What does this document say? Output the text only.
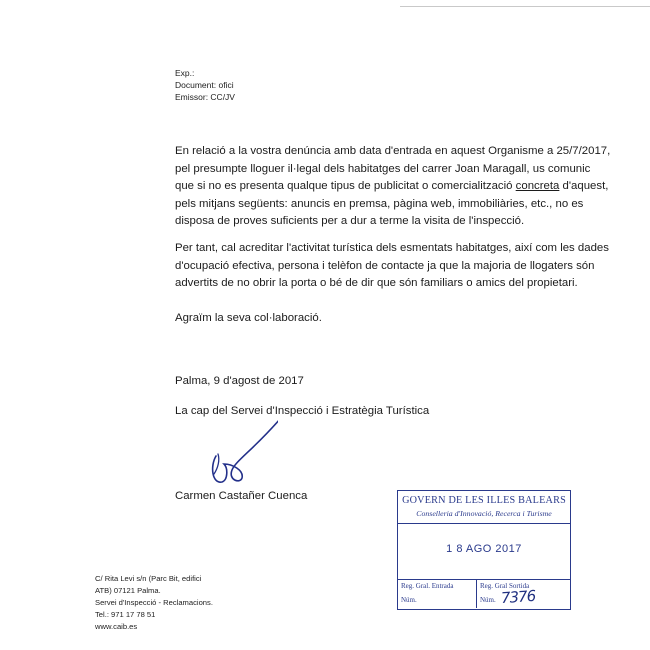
Exp.:
Document: ofici
Emissor: CC/JV
En relació a la vostra denúncia amb data d'entrada en aquest Organisme a 25/7/2017,
pel presumpte lloguer il·legal dels habitatges del carrer Joan Maragall, us comunic
que si no es presenta qualque tipus de publicitat o comercialització concreta d'aquest,
pels mitjans següents: anuncis en premsa, pàgina web, immobiliàries, etc., no es
disposa de proves suficients per a dur a terme la visita de l'inspecció.
Per tant, cal acreditar l'activitat turística dels esmentats habitatges, així com les dades
d'ocupació efectiva, persona i telèfon de contacte ja que la majoria de llogaters són
advertits de no obrir la porta o bé de dir que són familiars o amics del propietari.
Agraïm la seva col·laboració.
Palma, 9 d'agost de 2017
La cap del Servei d'Inspecció i Estratègia Turística
Carmen Castañer Cuenca
C/ Rita Levi s/n (Parc Bit, edifici
ATB) 07121 Palma.
Servei d'Inspecció - Reclamacions.
Tel.: 971 17 78 51
www.caib.es
GOVERN DE LES ILLES BALEARS
Conselleria d'Innovació, Recerca i Turisme
1 8 AGO 2017
Reg. Gral. Entrada
Núm.
Reg. Gral Sortida
Núm. 7376
